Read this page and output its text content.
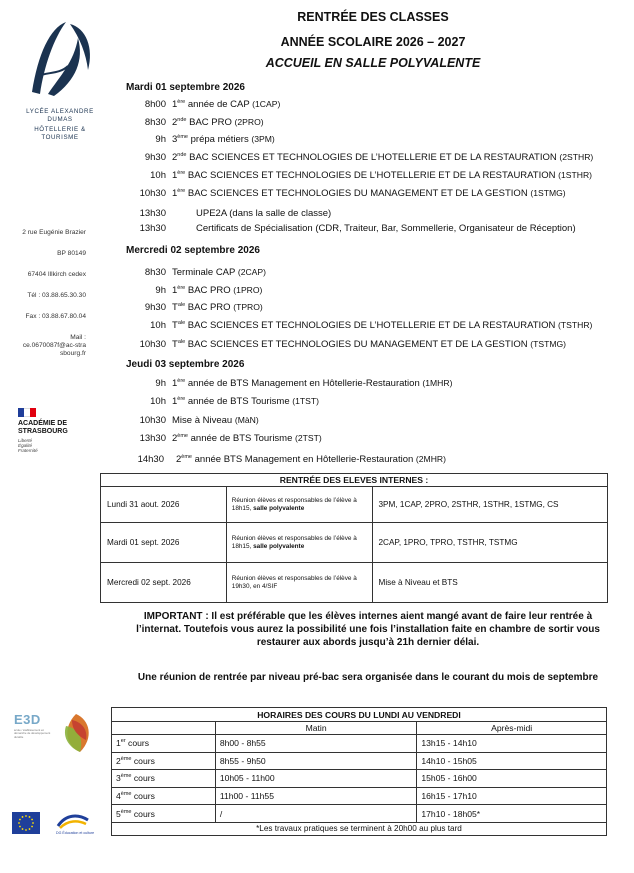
LYCÉE ALEXANDRE DUMAS
HÔTELLERIE & TOURISME
2 rue Eugénie Brazier
BP 80149
67404 Illkirch cedex
Tél : 03.88.65.30.30
Fax : 03.88.67.80.04
Mail :
ce.0670087f@ac-strasbourg.fr
ACADÉMIE DE STRASBOURG
Liberté
Égalité
Fraternité
E3D
école / établissement en démarche de développement durable
DG Éducation et culture
RENTRÉE DES CLASSES
ANNÉE SCOLAIRE 2026 – 2027
ACCUEIL EN SALLE POLYVALENTE
Mardi 01 septembre 2026
8h00 1ère année de CAP (1CAP)
8h30 2nde BAC PRO (2PRO)
9h 3ème prépa métiers (3PM)
9h30 2nde BAC SCIENCES ET TECHNOLOGIES DE L’HOTELLERIE ET DE LA RESTAURATION (2STHR)
10h 1ère BAC SCIENCES ET TECHNOLOGIES DE L’HOTELLERIE ET DE LA RESTAURATION (1STHR)
10h30 1ère BAC SCIENCES ET TECHNOLOGIES DU MANAGEMENT ET DE LA GESTION (1STMG)
13h30	UPE2A (dans la salle de classe)
13h30	Certificats de Spécialisation (CDR, Traiteur, Bar, Sommellerie, Organisateur de Réception)
Mercredi 02 septembre 2026
8h30 Terminale CAP (2CAP)
9h 1ère BAC PRO (1PRO)
9h30 $T^{ale}$ BAC PRO (TPRO)
10h $T^{ale}$ BAC SCIENCES ET TECHNOLOGIES DE L’HOTELLERIE ET DE LA RESTAURATION (TSTHR)
10h30 $T^{ale}$ BAC SCIENCES ET TECHNOLOGIES DU MANAGEMENT ET DE LA GESTION (TSTMG)
Jeudi 03 septembre 2026
9h 1ère année de BTS Management en Hôtellerie-Restauration (1MHR)
10h 1ère année de BTS Tourisme (1TST)
10h30 Mise à Niveau (MàN)
13h30 2ème année de BTS Tourisme (2TST)
14h30 2ème année BTS Management en Hôtellerie-Restauration (2MHR)
RENTRÉE DES ELEVES INTERNES :		
Lundi 31 aout. 2026	Réunion élèves et responsables de l’élève à 18h15, salle polyvalente	3PM, 1CAP, 2PRO, 2STHR, 1STHR, 1STMG, CS
Mardi 01 sept. 2026	Réunion élèves et responsables de l’élève à 18h15, salle polyvalente	2CAP, 1PRO, TPRO, TSTHR, TSTMG
Mercredi 02 sept. 2026	Réunion élèves et responsables de l’élève à 19h30, en 4/SIF	Mise à Niveau et BTS
IMPORTANT : Il est préférable que les élèves internes aient mangé avant de faire leur rentrée à l’internat. Toutefois vous aurez la possibilité une fois l’installation faite en chambre de sortir vous restaurer aux abords jusqu’à 21h dernier délai.
Une réunion de rentrée par niveau pré-bac sera organisée dans le courant du mois de septembre
HORAIRES DES COURS DU LUNDI AU VENDREDI		
	Matin	Après-midi
1er cours	8h00 - 8h55	13h15 - 14h10
2ème cours	8h55 - 9h50	14h10 - 15h05
3ème cours	10h05 - 11h00	15h05 - 16h00
4ème cours	11h00 - 11h55	16h15 - 17h10
5ème cours	/	17h10 - 18h05*
*Les travaux pratiques se terminent à 20h00 au plus tard		
